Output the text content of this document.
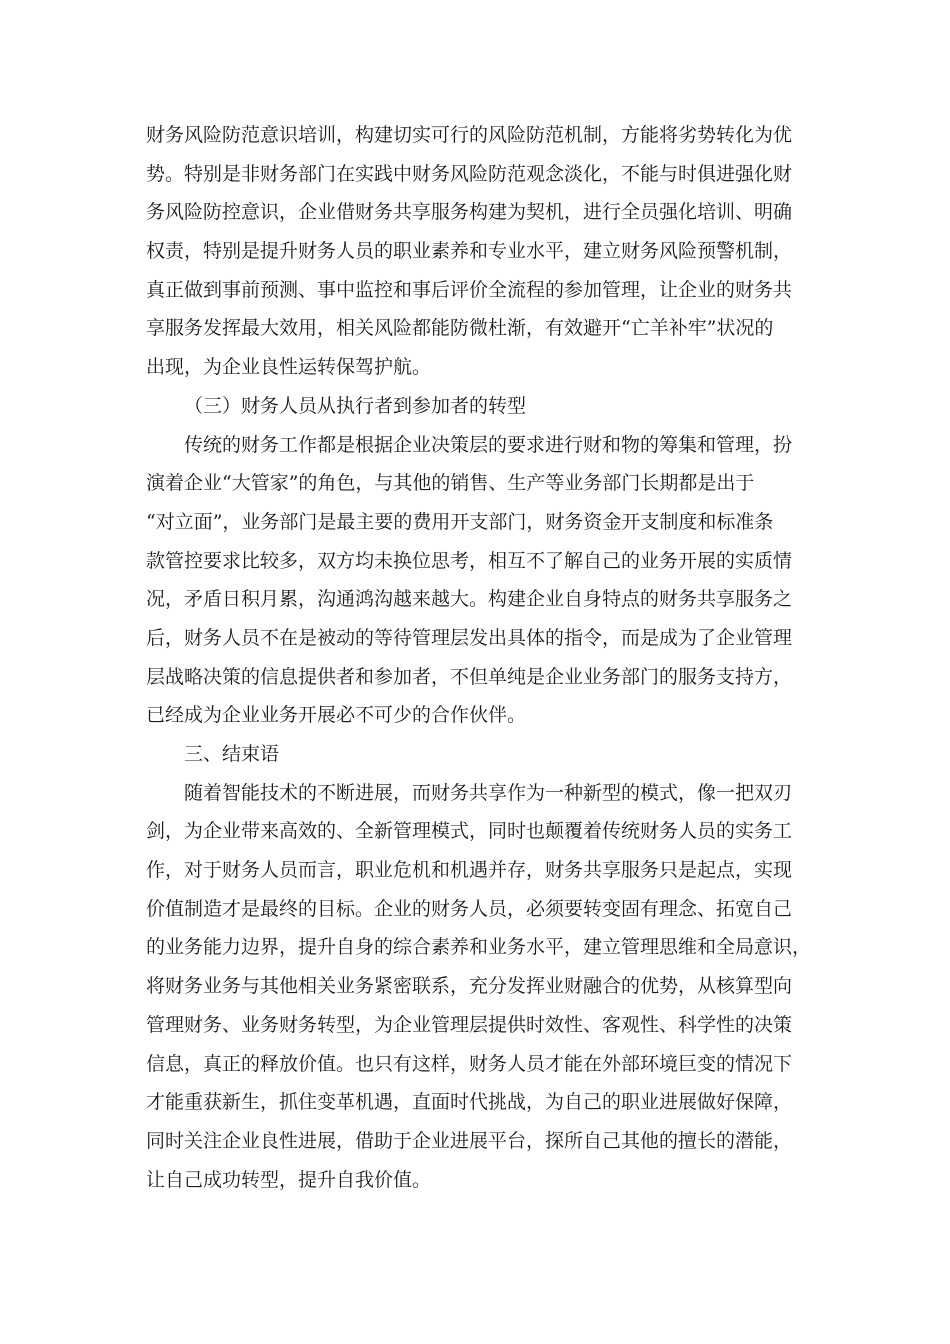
财务风险防范意识培训，构建切实可行的风险防范机制，方能将劣势转化为优
势。特别是非财务部门在实践中财务风险防范观念淡化，不能与时俱进强化财
务风险防控意识，企业借财务共享服务构建为契机，进行全员强化培训、明确
权责，特别是提升财务人员的职业素养和专业水平，建立财务风险预警机制，
真正做到事前预测、事中监控和事后评价全流程的参加管理，让企业的财务共
享服务发挥最大效用，相关风险都能防微杜渐，有效避开“亡羊补牢”状况的
出现，为企业良性运转保驾护航。
（三）财务人员从执行者到参加者的转型
传统的财务工作都是根据企业决策层的要求进行财和物的筹集和管理，扮
演着企业“大管家”的角色，与其他的销售、生产等业务部门长期都是出于
“对立面”，业务部门是最主要的费用开支部门，财务资金开支制度和标准条
款管控要求比较多，双方均未换位思考，相互不了解自己的业务开展的实质情
况，矛盾日积月累，沟通鸿沟越来越大。构建企业自身特点的财务共享服务之
后，财务人员不在是被动的等待管理层发出具体的指令，而是成为了企业管理
层战略决策的信息提供者和参加者，不但单纯是企业业务部门的服务支持方，
已经成为企业业务开展必不可少的合作伙伴。
三、结束语
随着智能技术的不断进展，而财务共享作为一种新型的模式，像一把双刃
剑，为企业带来高效的、全新管理模式，同时也颠覆着传统财务人员的实务工
作，对于财务人员而言，职业危机和机遇并存，财务共享服务只是起点，实现
价值制造才是最终的目标。企业的财务人员，必须要转变固有理念、拓宽自己
的业务能力边界，提升自身的综合素养和业务水平，建立管理思维和全局意识，
将财务业务与其他相关业务紧密联系，充分发挥业财融合的优势，从核算型向
管理财务、业务财务转型，为企业管理层提供时效性、客观性、科学性的决策
信息，真正的释放价值。也只有这样，财务人员才能在外部环境巨变的情况下
才能重获新生，抓住变革机遇，直面时代挑战，为自己的职业进展做好保障，
同时关注企业良性进展，借助于企业进展平台，探所自己其他的擅长的潜能，
让自己成功转型，提升自我价值。
